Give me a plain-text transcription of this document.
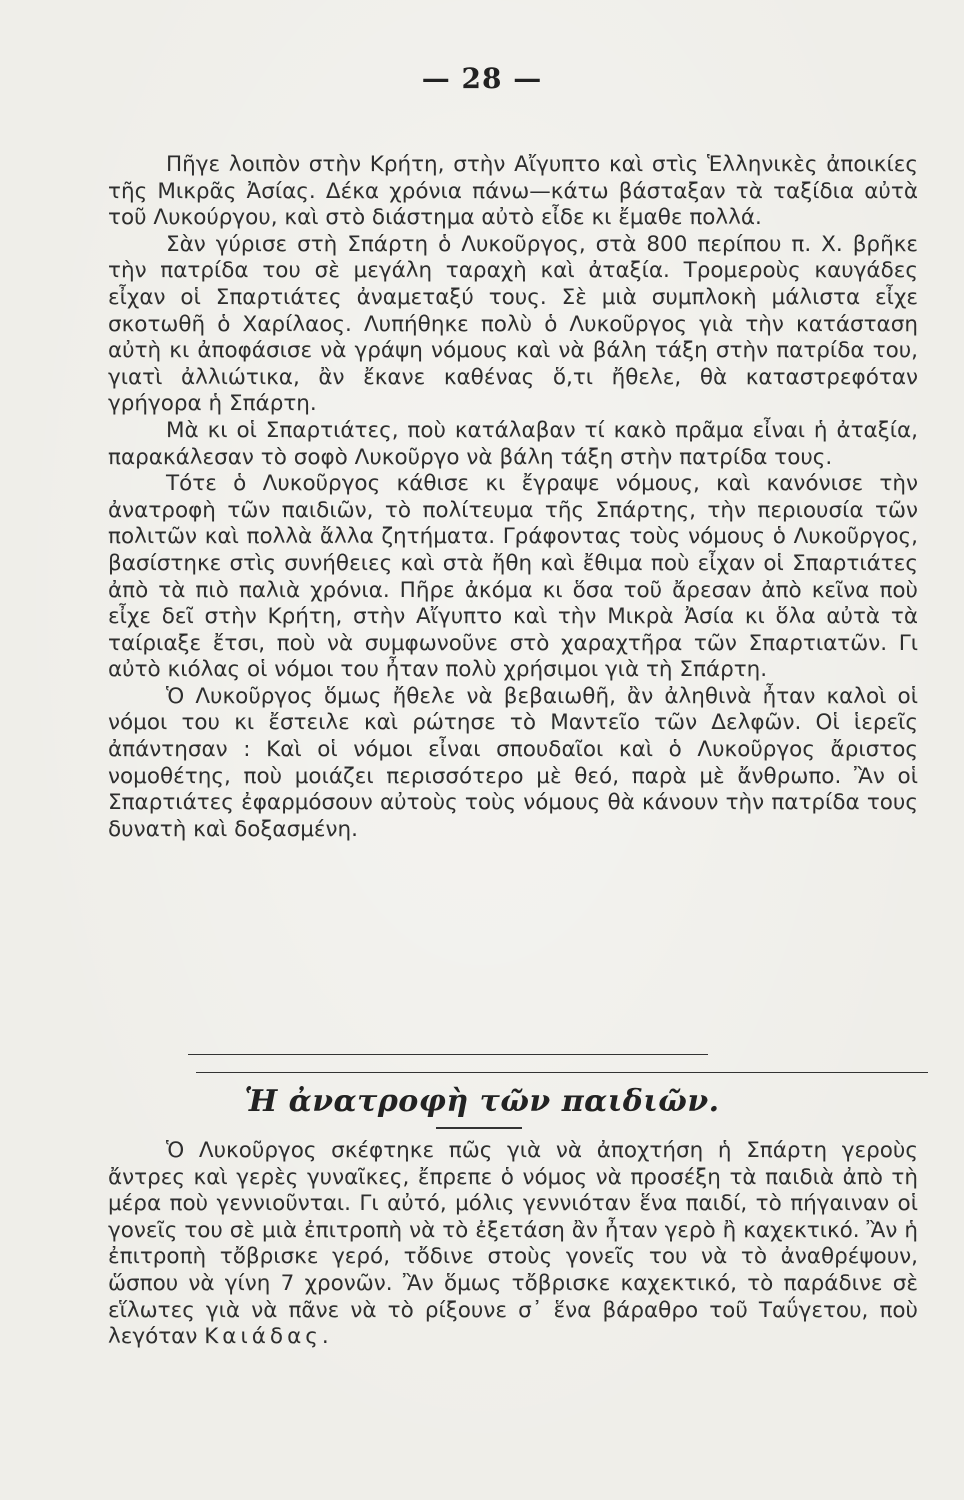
— 28 —

Πῆγε λοιπὸν στὴν Κρήτη, στὴν Αἴγυπτο καὶ στὶς Ἑλληνικὲς ἀποικίες τῆς Μικρᾶς Ἀσίας. Δέκα χρόνια πάνω—κάτω βάσταξαν τὰ ταξίδια αὐτὰ τοῦ Λυκούργου, καὶ στὸ διάστημα αὐτὸ εἶδε κι ἔμαθε πολλά.

Σὰν γύρισε στὴ Σπάρτη ὁ Λυκοῦργος, στὰ 800 περίπου π. Χ. βρῆκε τὴν πατρίδα του σὲ μεγάλη ταραχὴ καὶ ἀταξία. Τρομεροὺς καυγάδες εἶχαν οἱ Σπαρτιάτες ἀναμεταξύ τους. Σὲ μιὰ συμπλοκὴ μάλιστα εἶχε σκοτωθῆ ὁ Χαρίλαος. Λυπήθηκε πολὺ ὁ Λυκοῦργος γιὰ τὴν κατάσταση αὐτὴ κι ἀποφάσισε νὰ γράψη νόμους καὶ νὰ βάλη τάξη στὴν πατρίδα του, γιατὶ ἀλλιώτικα, ἂν ἔκανε καθένας ὅ,τι ἤθελε, θὰ καταστρεφόταν γρήγορα ἡ Σπάρτη.

Μὰ κι οἱ Σπαρτιάτες, ποὺ κατάλαβαν τί κακὸ πρᾶμα εἶναι ἡ ἀταξία, παρακάλεσαν τὸ σοφὸ Λυκοῦργο νὰ βάλη τάξη στὴν πατρίδα τους.

Τότε ὁ Λυκοῦργος κάθισε κι ἔγραψε νόμους, καὶ κανόνισε τὴν ἀνατροφὴ τῶν παιδιῶν, τὸ πολίτευμα τῆς Σπάρτης, τὴν περιουσία τῶν πολιτῶν καὶ πολλὰ ἄλλα ζητήματα. Γράφοντας τοὺς νόμους ὁ Λυκοῦργος, βασίστηκε στὶς συνήθειες καὶ στὰ ἤθη καὶ ἔθιμα ποὺ εἶχαν οἱ Σπαρτιάτες ἀπὸ τὰ πιὸ παλιὰ χρόνια. Πῆρε ἀκόμα κι ὅσα τοῦ ἄρεσαν ἀπὸ κεῖνα ποὺ εἶχε δεῖ στὴν Κρήτη, στὴν Αἴγυπτο καὶ τὴν Μικρὰ Ἀσία κι ὅλα αὐτὰ τὰ ταίριαξε ἔτσι, ποὺ νὰ συμφωνοῦνε στὸ χαραχτῆρα τῶν Σπαρτιατῶν. Γι αὐτὸ κιόλας οἱ νόμοι του ἦταν πολὺ χρήσιμοι γιὰ τὴ Σπάρτη.

Ὁ Λυκοῦργος ὅμως ἤθελε νὰ βεβαιωθῆ, ἂν ἀληθινὰ ἦταν καλοὶ οἱ νόμοι του κι ἔστειλε καὶ ρώτησε τὸ Μαντεῖο τῶν Δελφῶν. Οἱ ἱερεῖς ἀπάντησαν : Καὶ οἱ νόμοι εἶναι σπουδαῖοι καὶ ὁ Λυκοῦργος ἄριστος νομοθέτης, ποὺ μοιάζει περισσότερο μὲ θεό, παρὰ μὲ ἄνθρωπο. Ἂν οἱ Σπαρτιάτες ἐφαρμόσουν αὐτοὺς τοὺς νόμους θὰ κάνουν τὴν πατρίδα τους δυνατὴ καὶ δοξασμένη.

Ἡ ἀνατροφὴ τῶν παιδιῶν.

Ὁ Λυκοῦργος σκέφτηκε πῶς γιὰ νὰ ἀποχτήση ἡ Σπάρτη γεροὺς ἄντρες καὶ γερὲς γυναῖκες, ἔπρεπε ὁ νόμος νὰ προσέξη τὰ παιδιὰ ἀπὸ τὴ μέρα ποὺ γεννιοῦνται. Γι αὐτό, μόλις γεννιόταν ἕνα παιδί, τὸ πήγαιναν οἱ γονεῖς του σὲ μιὰ ἐπιτροπὴ νὰ τὸ ἐξετάση ἂν ἦταν γερὸ ἢ καχεκτικό. Ἂν ἡ ἐπιτροπὴ τὄβρισκε γερό, τὄδινε στοὺς γονεῖς του νὰ τὸ ἀναθρέψουν, ὥσπου νὰ γίνη 7 χρονῶν. Ἂν ὅμως τὄβρισκε καχεκτικό, τὸ παράδινε σὲ εἵλωτες γιὰ νὰ πᾶνε νὰ τὸ ρίξουνε σ᾽ ἕνα βάραθρο τοῦ Ταΰγετου, ποὺ λεγόταν Καιάδας.
